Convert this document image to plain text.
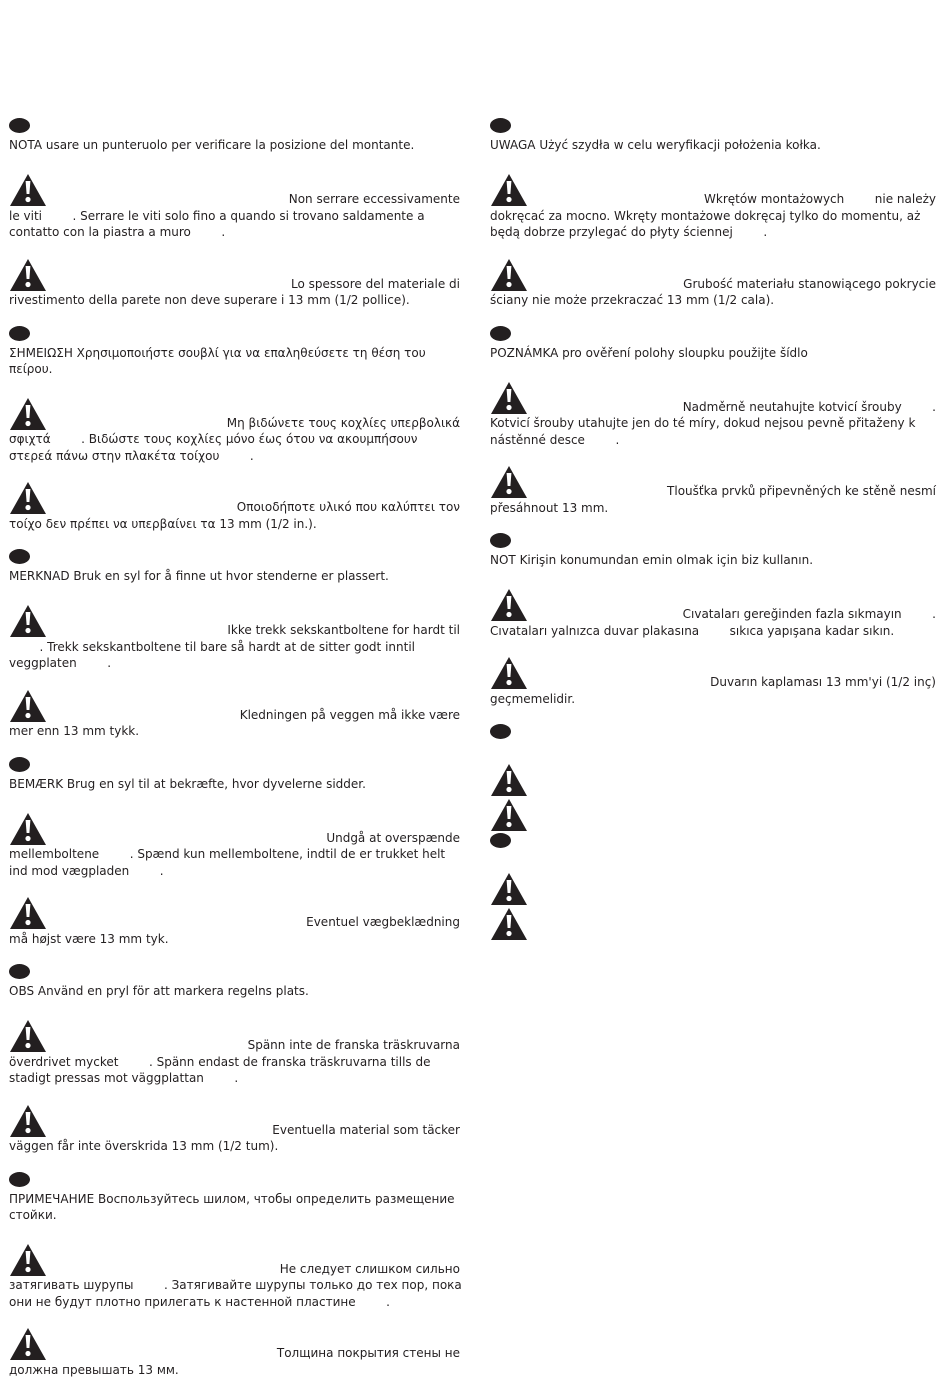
NOTA usare un punteruolo per verificare la posizione del montante.

Non serrare eccessivamente
le viti        . Serrare le viti solo fino a quando si trovano saldamente a contatto con la piastra a muro        .

Lo spessore del materiale di
rivestimento della parete non deve superare i 13 mm (1/2 pollice).

ΣΗΜΕΙΩΣΗ Χρησιμοποιήστε σουβλί για να επαληθεύσετε τη θέση του πείρου.

Μη βιδώνετε τους κοχλίες υπερβολικά
σφιχτά        . Βιδώστε τους κοχλίες μόνο έως ότου να ακουμπήσουν στερεά πάνω στην πλακέτα τοίχου        .

Οποιοδήποτε υλικό που καλύπτει τον
τοίχο δεν πρέπει να υπερβαίνει τα 13 mm (1/2 in.).

MERKNAD Bruk en syl for å finne ut hvor stenderne er plassert.

Ikke trekk sekskantboltene for hardt til
. Trekk sekskantboltene til bare så hardt at de sitter godt inntil veggplaten        .

Kledningen på veggen må ikke være
mer enn 13 mm tykk.

BEMÆRK Brug en syl til at bekræfte, hvor dyvelerne sidder.

Undgå at overspænde
mellemboltene        . Spænd kun mellemboltene, indtil de er trukket helt ind mod vægpladen        .

Eventuel vægbeklædning
må højst være 13 mm tyk.

OBS Använd en pryl för att markera regelns plats.

Spänn inte de franska träskruvarna
överdrivet mycket        . Spänn endast de franska träskruvarna tills de stadigt pressas mot väggplattan        .

Eventuella material som täcker
väggen får inte överskrida 13 mm (1/2 tum).

ПРИМЕЧАНИЕ Воспользуйтесь шилом, чтобы определить размещение стойки.

Не следует слишком сильно
затягивать шурупы        . Затягивайте шурупы только до тех пор, пока они не будут плотно прилегать к настенной пластине        .

Толщина покрытия стены не
должна превышать 13 мм.

UWAGA Użyć szydła w celu weryfikacji położenia kołka.

Wkrętów montażowych        nie należy
dokręcać za mocno. Wkręty montażowe dokręcaj tylko do momentu, aż będą dobrze przylegać do płyty ściennej        .

Grubość materiału stanowiącego pokrycie
ściany nie może przekraczać 13 mm (1/2 cala).

POZNÁMKA pro ověření polohy sloupku použijte šídlo

Nadměrně neutahujte kotvicí šrouby        .
Kotvicí šrouby utahujte jen do té míry, dokud nejsou pevně přitaženy k nástěnné desce        .

Tloušťka prvků připevněných ke stěně nesmí
přesáhnout 13 mm.

NOT Kirişin konumundan emin olmak için biz kullanın.

Cıvataları gereğinden fazla sıkmayın        .
Cıvataları yalnızca duvar plakasına        sıkıca yapışana kadar sıkın.

Duvarın kaplaması 13 mm'yi (1/2 inç)
geçmemelidir.
